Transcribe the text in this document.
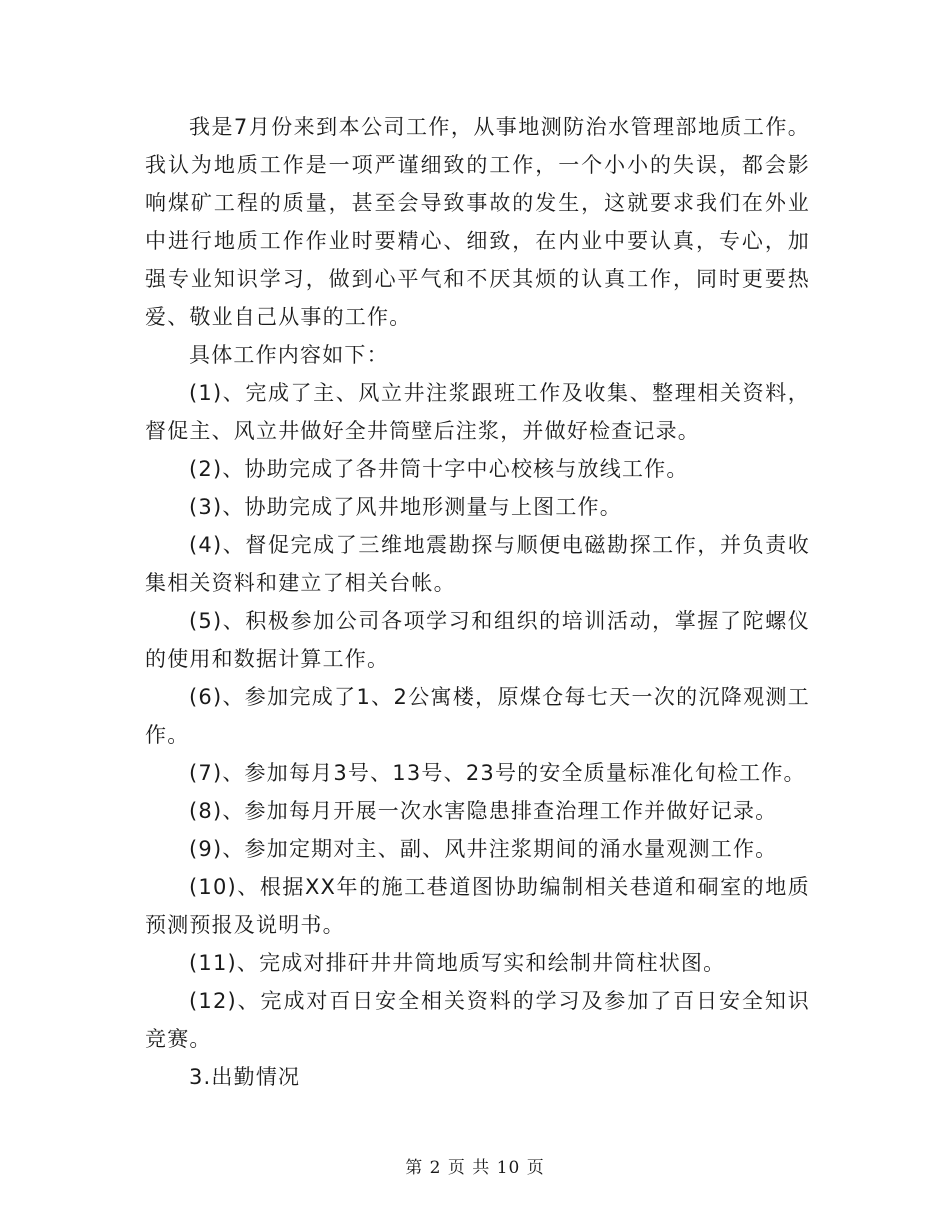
我是7月份来到本公司工作，从事地测防治水管理部地质工作。我认为地质工作是一项严谨细致的工作，一个小小的失误，都会影响煤矿工程的质量，甚至会导致事故的发生，这就要求我们在外业中进行地质工作作业时要精心、细致，在内业中要认真，专心，加强专业知识学习，做到心平气和不厌其烦的认真工作，同时更要热爱、敬业自己从事的工作。

具体工作内容如下：

(1)、完成了主、风立井注浆跟班工作及收集、整理相关资料，督促主、风立井做好全井筒壁后注浆，并做好检查记录。

(2)、协助完成了各井筒十字中心校核与放线工作。

(3)、协助完成了风井地形测量与上图工作。

(4)、督促完成了三维地震勘探与顺便电磁勘探工作，并负责收集相关资料和建立了相关台帐。

(5)、积极参加公司各项学习和组织的培训活动，掌握了陀螺仪的使用和数据计算工作。

(6)、参加完成了1、2公寓楼，原煤仓每七天一次的沉降观测工作。

(7)、参加每月3号、13号、23号的安全质量标准化旬检工作。

(8)、参加每月开展一次水害隐患排查治理工作并做好记录。

(9)、参加定期对主、副、风井注浆期间的涌水量观测工作。

(10)、根据XX年的施工巷道图协助编制相关巷道和硐室的地质预测预报及说明书。

(11)、完成对排矸井井筒地质写实和绘制井筒柱状图。

(12)、完成对百日安全相关资料的学习及参加了百日安全知识竞赛。

3.出勤情况

第 2 页 共 10 页
